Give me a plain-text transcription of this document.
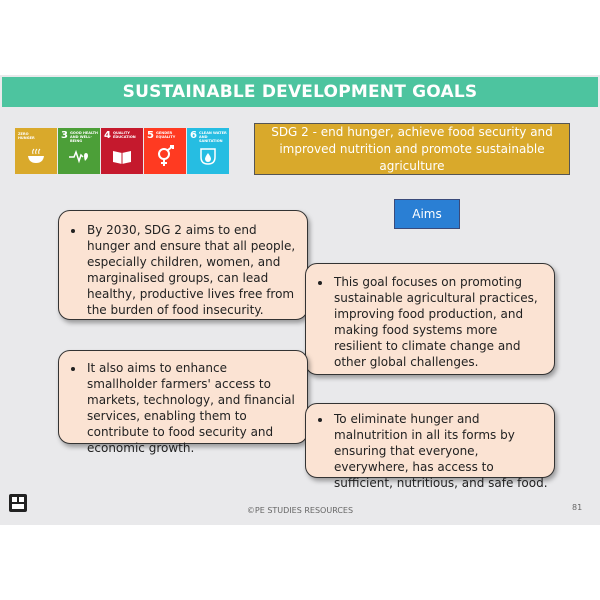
SUSTAINABLE DEVELOPMENT GOALS
ZERO HUNGER	3 GOOD HEALTH AND WELL-BEING	4 QUALITY EDUCATION	5 GENDER EQUALITY	6 CLEAN WATER AND SANITATION
SDG 2 - end hunger, achieve food security and improved nutrition and promote sustainable agriculture
Aims
• By 2030, SDG 2 aims to end hunger and ensure that all people, especially children, women, and marginalised groups, can lead healthy, productive lives free from the burden of food insecurity.
• This goal focuses on promoting sustainable agricultural practices, improving food production, and making food systems more resilient to climate change and other global challenges.
• It also aims to enhance smallholder farmers' access to markets, technology, and financial services, enabling them to contribute to food security and economic growth.
• To eliminate hunger and malnutrition in all its forms by ensuring that everyone, everywhere, has access to sufficient, nutritious, and safe food.
©PE STUDIES RESOURCES	81
